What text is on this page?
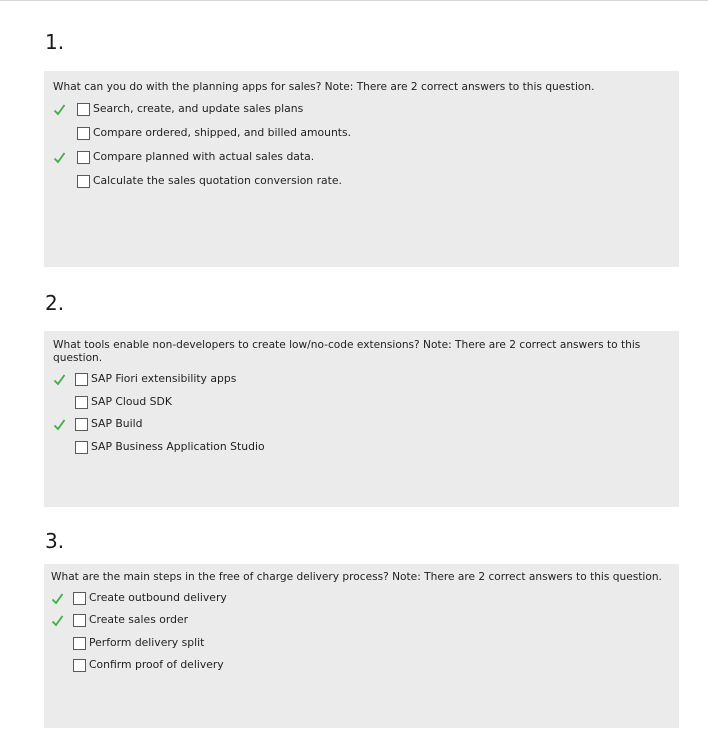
1.
What can you do with the planning apps for sales? Note: There are 2 correct answers to this question.
Search, create, and update sales plans
Compare ordered, shipped, and billed amounts.
Compare planned with actual sales data.
Calculate the sales quotation conversion rate.
2.
What tools enable non-developers to create low/no-code extensions? Note: There are 2 correct answers to this question.
SAP Fiori extensibility apps
SAP Cloud SDK
SAP Build
SAP Business Application Studio
3.
What are the main steps in the free of charge delivery process? Note: There are 2 correct answers to this question.
Create outbound delivery
Create sales order
Perform delivery split
Confirm proof of delivery
